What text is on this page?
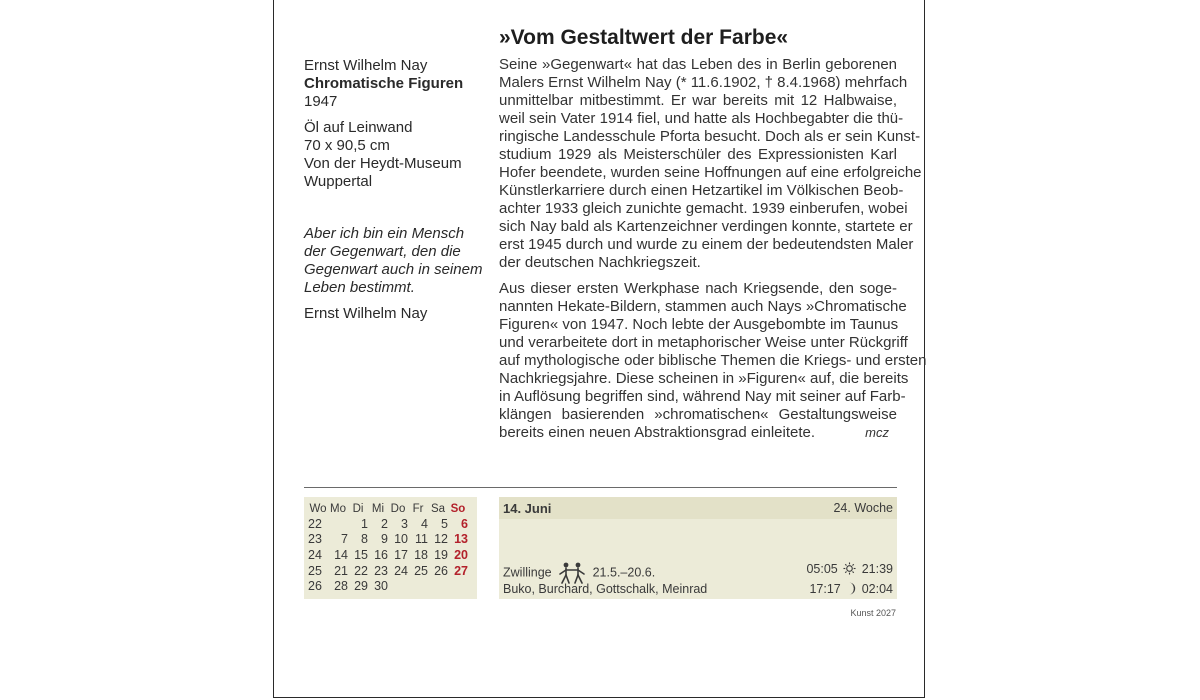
Ernst Wilhelm Nay
Chromatische Figuren
1947
Öl auf Leinwand
70 x 90,5 cm
Von der Heydt-Museum
Wuppertal
Aber ich bin ein Mensch
der Gegenwart, den die
Gegenwart auch in seinem
Leben bestimmt.
Ernst Wilhelm Nay
»Vom Gestaltwert der Farbe«

Seine »Gegenwart« hat das Leben des in Berlin geborenen
Malers Ernst Wilhelm Nay (* 11.6.1902, † 8.4.1968) mehrfach
unmittelbar mitbestimmt. Er war bereits mit 12 Halbwaise,
weil sein Vater 1914 fiel, und hatte als Hochbegabter die thü-
ringische Landesschule Pforta besucht. Doch als er sein Kunst-
studium 1929 als Meisterschüler des Expressionisten Karl
Hofer beendete, wurden seine Hoffnungen auf eine erfolgreiche
Künstlerkarriere durch einen Hetzartikel im Völkischen Beob-
achter 1933 gleich zunichte gemacht. 1939 einberufen, wobei
sich Nay bald als Kartenzeichner verdingen konnte, startete er
erst 1945 durch und wurde zu einem der bedeutendsten Maler
der deutschen Nachkriegszeit.

Aus dieser ersten Werkphase nach Kriegsende, den soge-
nannten Hekate-Bildern, stammen auch Nays »Chromatische
Figuren« von 1947. Noch lebte der Ausgebombte im Taunus
und verarbeitete dort in metaphorischer Weise unter Rückgriff
auf mythologische oder biblische Themen die Kriegs- und ersten
Nachkriegsjahre. Diese scheinen in »Figuren« auf, die bereits
in Auflösung begriffen sind, während Nay mit seiner auf Farb-
klängen basierenden »chromatischen« Gestaltungsweise
bereits einen neuen Abstraktionsgrad einleitete.	mcz

Wo	Mo	Di	Mi	Do	Fr	Sa	So
22		1	2	3	4	5	6
23	7	8	9	10	11	12	13
24	14	15	16	17	18	19	20
25	21	22	23	24	25	26	27
26	28	29	30				
14. Juni	24. Woche
Zwillinge	21.5.–20.6.
Buko, Burchard, Gottschalk, Meinrad
05:05 21:39
17:17 02:04
Kunst 2027
